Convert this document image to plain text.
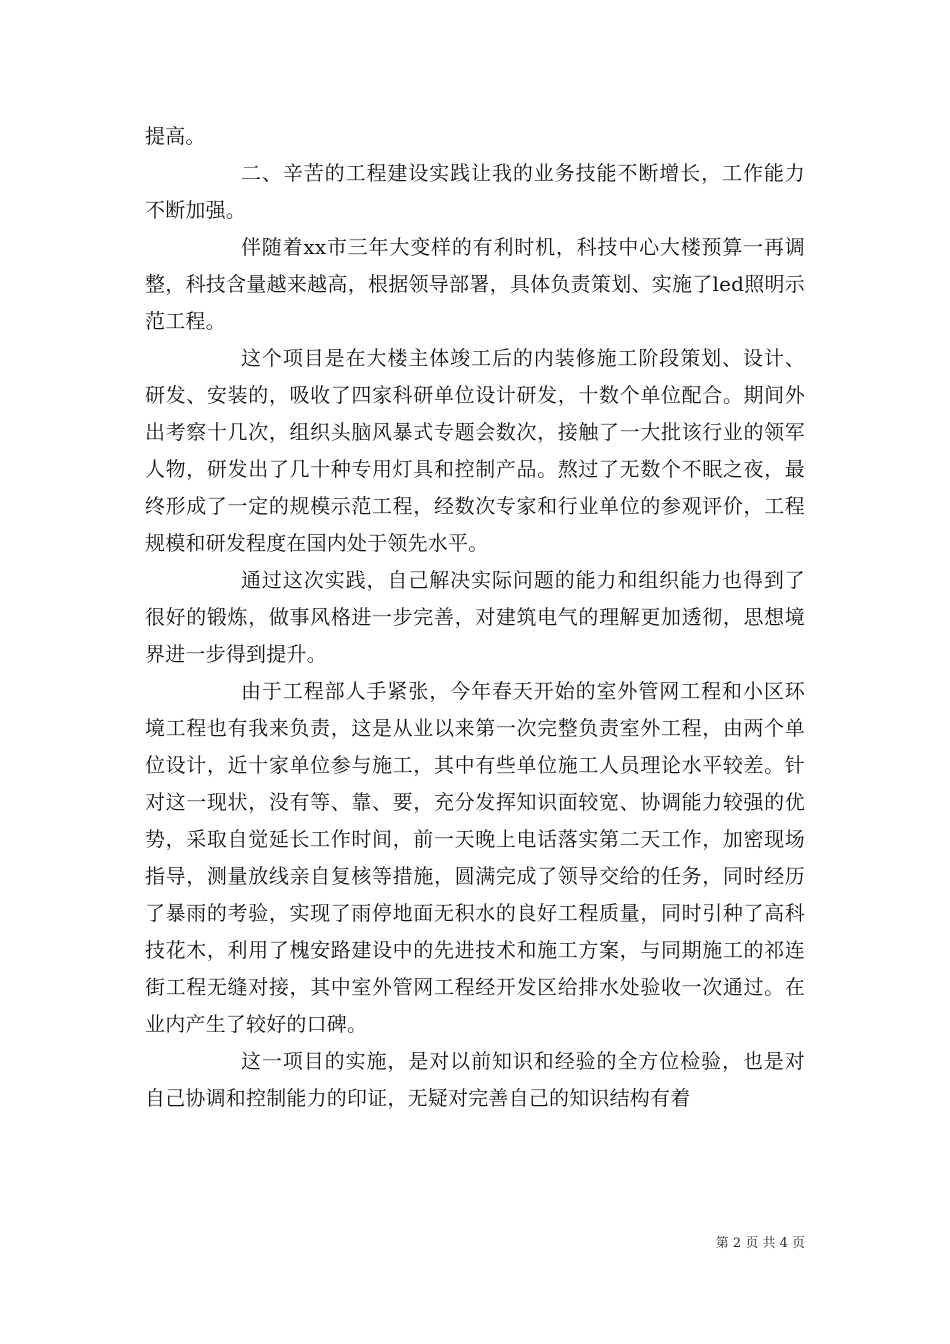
提高。

二、辛苦的工程建设实践让我的业务技能不断增长，工作能力不断加强。

伴随着xx市三年大变样的有利时机，科技中心大楼预算一再调整，科技含量越来越高，根据领导部署，具体负责策划、实施了led照明示范工程。

这个项目是在大楼主体竣工后的内装修施工阶段策划、设计、研发、安装的，吸收了四家科研单位设计研发，十数个单位配合。期间外出考察十几次，组织头脑风暴式专题会数次，接触了一大批该行业的领军人物，研发出了几十种专用灯具和控制产品。熬过了无数个不眠之夜，最终形成了一定的规模示范工程，经数次专家和行业单位的参观评价，工程规模和研发程度在国内处于领先水平。

通过这次实践，自己解决实际问题的能力和组织能力也得到了很好的锻炼，做事风格进一步完善，对建筑电气的理解更加透彻，思想境界进一步得到提升。

由于工程部人手紧张，今年春天开始的室外管网工程和小区环境工程也有我来负责，这是从业以来第一次完整负责室外工程，由两个单位设计，近十家单位参与施工，其中有些单位施工人员理论水平较差。针对这一现状，没有等、靠、要，充分发挥知识面较宽、协调能力较强的优势，采取自觉延长工作时间，前一天晚上电话落实第二天工作，加密现场指导，测量放线亲自复核等措施，圆满完成了领导交给的任务，同时经历了暴雨的考验，实现了雨停地面无积水的良好工程质量，同时引种了高科技花木，利用了槐安路建设中的先进技术和施工方案，与同期施工的祁连街工程无缝对接，其中室外管网工程经开发区给排水处验收一次通过。在业内产生了较好的口碑。

这一项目的实施，是对以前知识和经验的全方位检验，也是对自己协调和控制能力的印证，无疑对完善自己的知识结构有着

第 2 页 共 4 页
